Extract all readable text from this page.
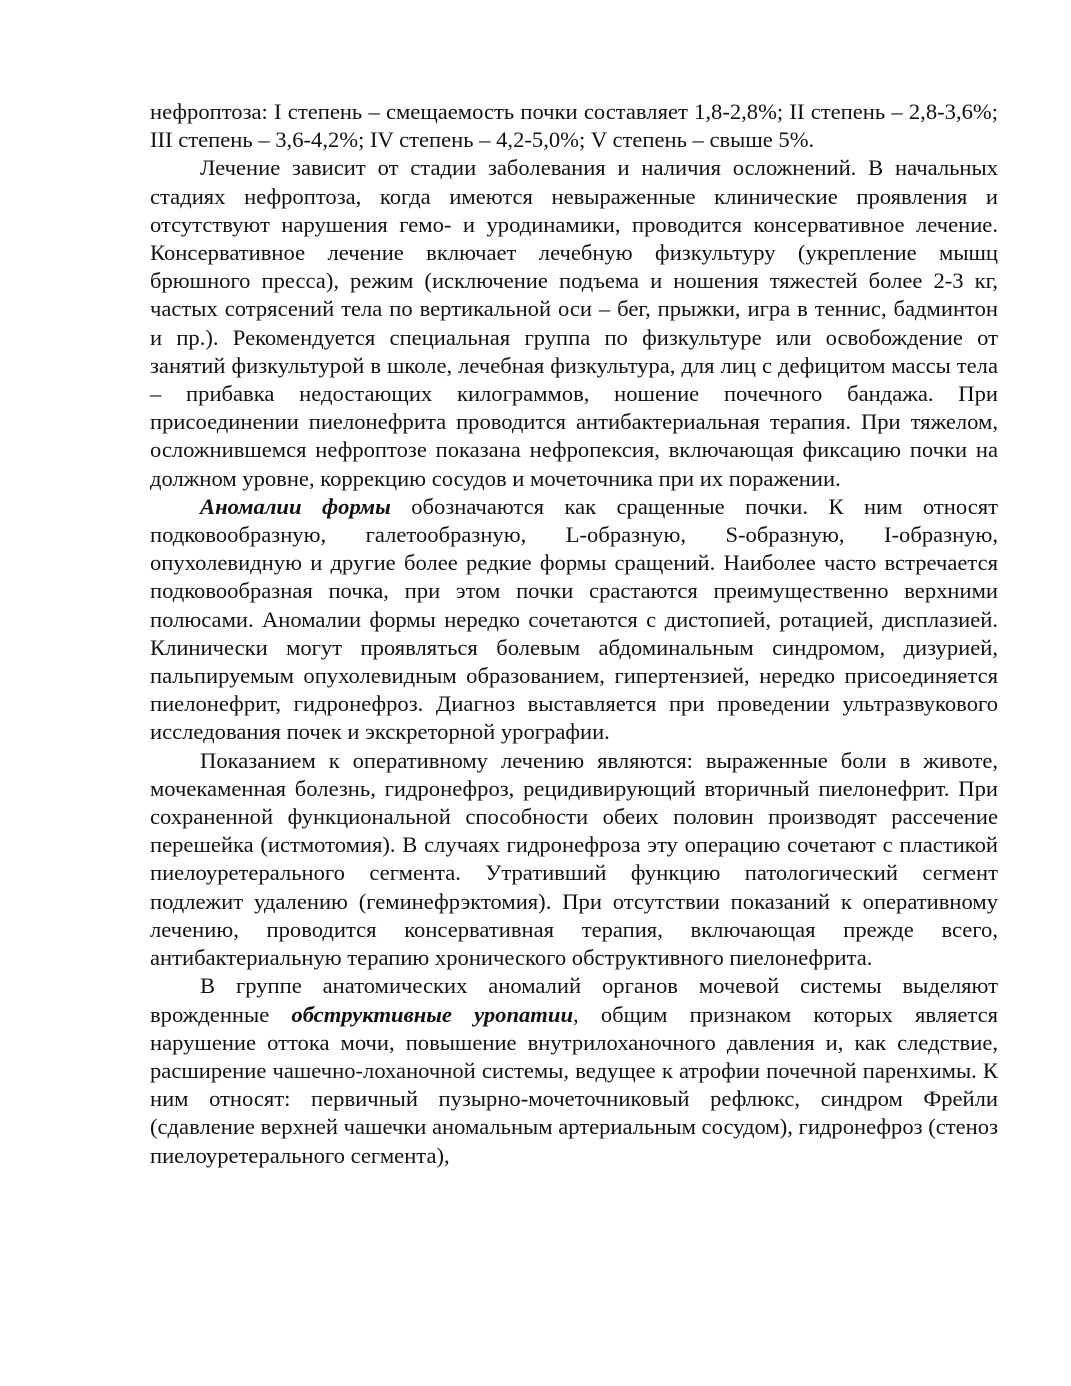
нефроптоза: I степень – смещаемость почки составляет 1,8-2,8%; II степень – 2,8-3,6%; III степень – 3,6-4,2%; IV степень – 4,2-5,0%; V степень – свыше 5%.

Лечение зависит от стадии заболевания и наличия осложнений. В начальных стадиях нефроптоза, когда имеются невыраженные клинические проявления и отсутствуют нарушения гемо- и уродинамики, проводится консервативное лечение. Консервативное лечение включает лечебную физкультуру (укрепление мышц брюшного пресса), режим (исключение подъема и ношения тяжестей более 2-3 кг, частых сотрясений тела по вертикальной оси – бег, прыжки, игра в теннис, бадминтон и пр.). Рекомендуется специальная группа по физкультуре или освобождение от занятий физкультурой в школе, лечебная физкультура, для лиц с дефицитом массы тела – прибавка недостающих килограммов, ношение почечного бандажа. При присоединении пиелонефрита проводится антибактериальная терапия. При тяжелом, осложнившемся нефроптозе показана нефропексия, включающая фиксацию почки на должном уровне, коррекцию сосудов и мочеточника при их поражении.

Аномалии формы обозначаются как сращенные почки. К ним относят подковообразную, галетообразную, L-образную, S-образную, I-образную, опухолевидную и другие более редкие формы сращений. Наиболее часто встречается подковообразная почка, при этом почки срастаются преимущественно верхними полюсами. Аномалии формы нередко сочетаются с дистопией, ротацией, дисплазией. Клинически могут проявляться болевым абдоминальным синдромом, дизурией, пальпируемым опухолевидным образованием, гипертензией, нередко присоединяется пиелонефрит, гидронефроз. Диагноз выставляется при проведении ультразвукового исследования почек и экскреторной урографии.

Показанием к оперативному лечению являются: выраженные боли в животе, мочекаменная болезнь, гидронефроз, рецидивирующий вторичный пиелонефрит. При сохраненной функциональной способности обеих половин производят рассечение перешейка (истмотомия). В случаях гидронефроза эту операцию сочетают с пластикой пиелоуретерального сегмента. Утративший функцию патологический сегмент подлежит удалению (геминефрэктомия). При отсутствии показаний к оперативному лечению, проводится консервативная терапия, включающая прежде всего, антибактериальную терапию хронического обструктивного пиелонефрита.

В группе анатомических аномалий органов мочевой системы выделяют врожденные обструктивные уропатии, общим признаком которых является нарушение оттока мочи, повышение внутрилоханочного давления и, как следствие, расширение чашечно-лоханочной системы, ведущее к атрофии почечной паренхимы. К ним относят: первичный пузырно-мочеточниковый рефлюкс, синдром Фрейли (сдавление верхней чашечки аномальным артериальным сосудом), гидронефроз (стеноз пиелоуретерального сегмента),
